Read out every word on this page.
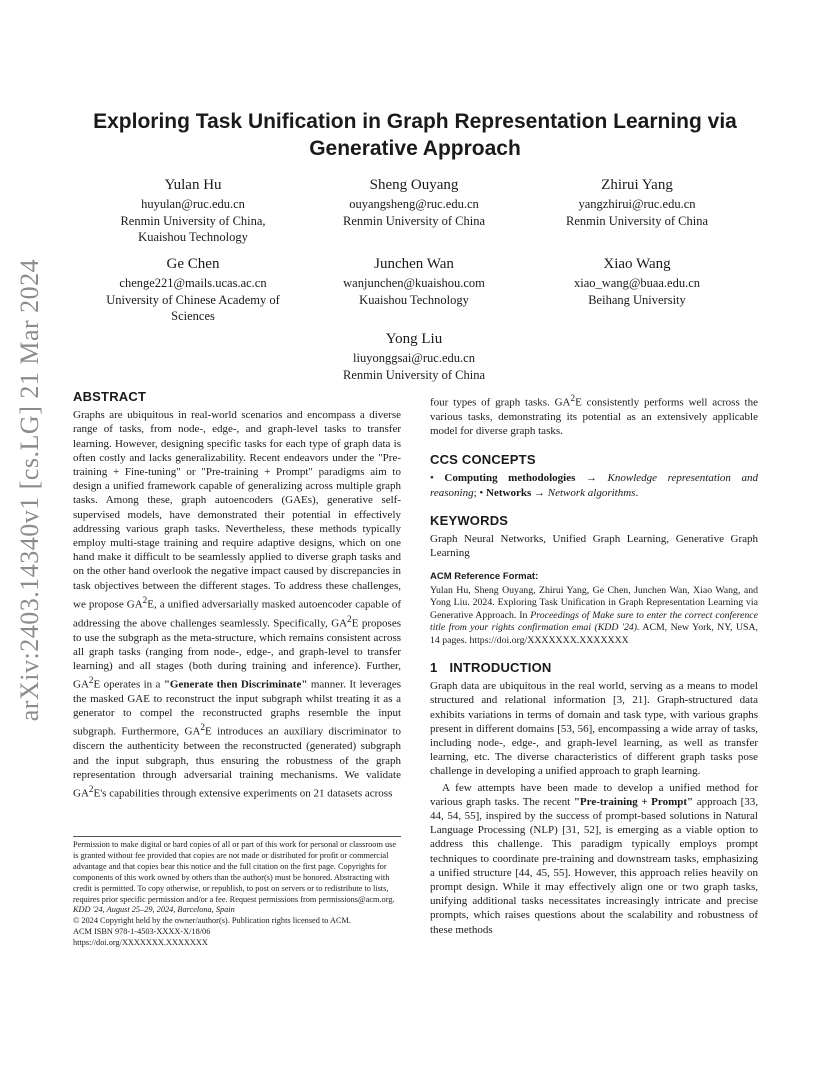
arXiv:2403.14340v1 [cs.LG] 21 Mar 2024
Exploring Task Unification in Graph Representation Learning via
Generative Approach
Yulan Hu
huyulan@ruc.edu.cn
Renmin University of China,
Kuaishou Technology
Sheng Ouyang
ouyangsheng@ruc.edu.cn
Renmin University of China
Zhirui Yang
yangzhirui@ruc.edu.cn
Renmin University of China
Ge Chen
chenge221@mails.ucas.ac.cn
University of Chinese Academy of
Sciences
Junchen Wan
wanjunchen@kuaishou.com
Kuaishou Technology
Xiao Wang
xiao_wang@buaa.edu.cn
Beihang University
Yong Liu
liuyonggsai@ruc.edu.cn
Renmin University of China
ABSTRACT

Graphs are ubiquitous in real-world scenarios and encompass a diverse range of tasks, from node-, edge-, and graph-level tasks to transfer learning. However, designing specific tasks for each type of graph data is often costly and lacks generalizability. Recent endeavors under the "Pre-training + Fine-tuning" or "Pre-training + Prompt" paradigms aim to design a unified framework capable of generalizing across multiple graph tasks. Among these, graph autoencoders (GAEs), generative self-supervised models, have demonstrated their potential in effectively addressing various graph tasks. Nevertheless, these methods typically employ multi-stage training and require adaptive designs, which on one hand make it difficult to be seamlessly applied to diverse graph tasks and on the other hand overlook the negative impact caused by discrepancies in task objectives between the different stages. To address these challenges, we propose $GA^2E$, a unified adversarially masked autoencoder capable of addressing the above challenges seamlessly. Specifically, $GA^2E$ proposes to use the subgraph as the meta-structure, which remains consistent across all graph tasks (ranging from node-, edge-, and graph-level to transfer learning) and all stages (both during training and inference). Further, $GA^2E$ operates in a "Generate then Discriminate" manner. It leverages the masked GAE to reconstruct the input subgraph whilst treating it as a generator to compel the reconstructed graphs resemble the input subgraph. Furthermore, $GA^2E$ introduces an auxiliary discriminator to discern the authenticity between the reconstructed (generated) subgraph and the input subgraph, thus ensuring the robustness of the graph representation through adversarial training mechanisms. We validate $GA^2E's$ capabilities through extensive experiments on 21 datasets across

Permission to make digital or hard copies of all or part of this work for personal or classroom use is granted without fee provided that copies are not made or distributed for profit or commercial advantage and that copies bear this notice and the full citation on the first page. Copyrights for components of this work owned by others than the author(s) must be honored. Abstracting with credit is permitted. To copy otherwise, or republish, to post on servers or to redistribute to lists, requires prior specific permission and/or a fee. Request permissions from permissions@acm.org.
KDD '24, August 25–29, 2024, Barcelona, Spain
© 2024 Copyright held by the owner/author(s). Publication rights licensed to ACM.
ACM ISBN 978-1-4503-XXXX-X/18/06
https://doi.org/XXXXXXX.XXXXXXX

four types of graph tasks. $GA^2E$ consistently performs well across the various tasks, demonstrating its potential as an extensively applicable model for diverse graph tasks.

CCS CONCEPTS

• Computing methodologies → Knowledge representation and reasoning; • Networks → Network algorithms.

KEYWORDS

Graph Neural Networks, Unified Graph Learning, Generative Graph Learning

ACM Reference Format:

Yulan Hu, Sheng Ouyang, Zhirui Yang, Ge Chen, Junchen Wan, Xiao Wang, and Yong Liu. 2024. Exploring Task Unification in Graph Representation Learning via Generative Approach. In Proceedings of Make sure to enter the correct conference title from your rights confirmation emai (KDD '24). ACM, New York, NY, USA, 14 pages. https://doi.org/XXXXXXX.XXXXXXX

1 INTRODUCTION

Graph data are ubiquitous in the real world, serving as a means to model structured and relational information [3, 21]. Graph-structured data exhibits variations in terms of domain and task type, with various graphs present in different domains [53, 56], encompassing a wide array of tasks, including node-, edge-, and graph-level learning, as well as transfer learning, etc. The diverse characteristics of different graph tasks pose challenge in developing a unified approach to graph learning.

A few attempts have been made to develop a unified method for various graph tasks. The recent "Pre-training + Prompt" approach [33, 44, 54, 55], inspired by the success of prompt-based solutions in Natural Language Processing (NLP) [31, 52], is emerging as a viable option to address this challenge. This paradigm typically employs prompt techniques to coordinate pre-training and downstream tasks, emphasizing a unified structure [44, 45, 55]. However, this approach relies heavily on prompt design. While it may effectively align one or two graph tasks, unifying additional tasks necessitates increasingly intricate and precise prompts, which raises questions about the scalability and robustness of these methods
